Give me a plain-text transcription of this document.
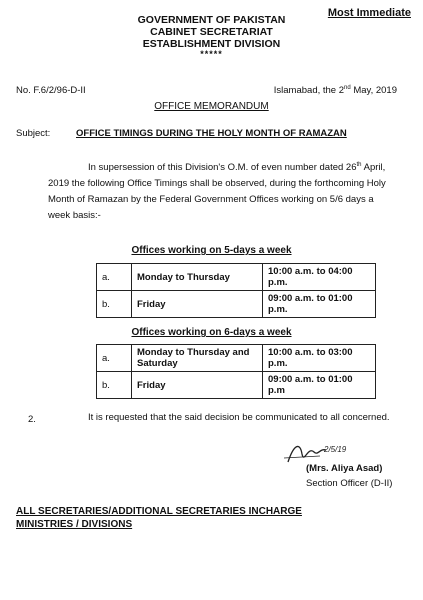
Most Immediate
GOVERNMENT OF PAKISTAN
CABINET SECRETARIAT
ESTABLISHMENT DIVISION
*****
No. F.6/2/96-D-II	Islamabad, the 2nd May, 2019
OFFICE MEMORANDUM
Subject:	OFFICE TIMINGS DURING THE HOLY MONTH OF RAMAZAN
In supersession of this Division's O.M. of even number dated 26th April, 2019 the following Office Timings shall be observed, during the forthcoming Holy Month of Ramazan by the Federal Government Offices working on 5/6 days a week basis:-
Offices working on 5-days a week
a.	Monday to Thursday	10:00 a.m. to 04:00 p.m.
b.	Friday	09:00 a.m. to 01:00 p.m.
Offices working on 6-days a week
a.	Monday to Thursday and Saturday	10:00 a.m. to 03:00 p.m.
b.	Friday	09:00 a.m. to 01:00 p.m
2.	It is requested that the said decision be communicated to all concerned.
2/5/19
(Mrs. Aliya Asad)
Section Officer (D-II)
ALL SECRETARIES/ADDITIONAL SECRETARIES INCHARGE
MINISTRIES / DIVISIONS
